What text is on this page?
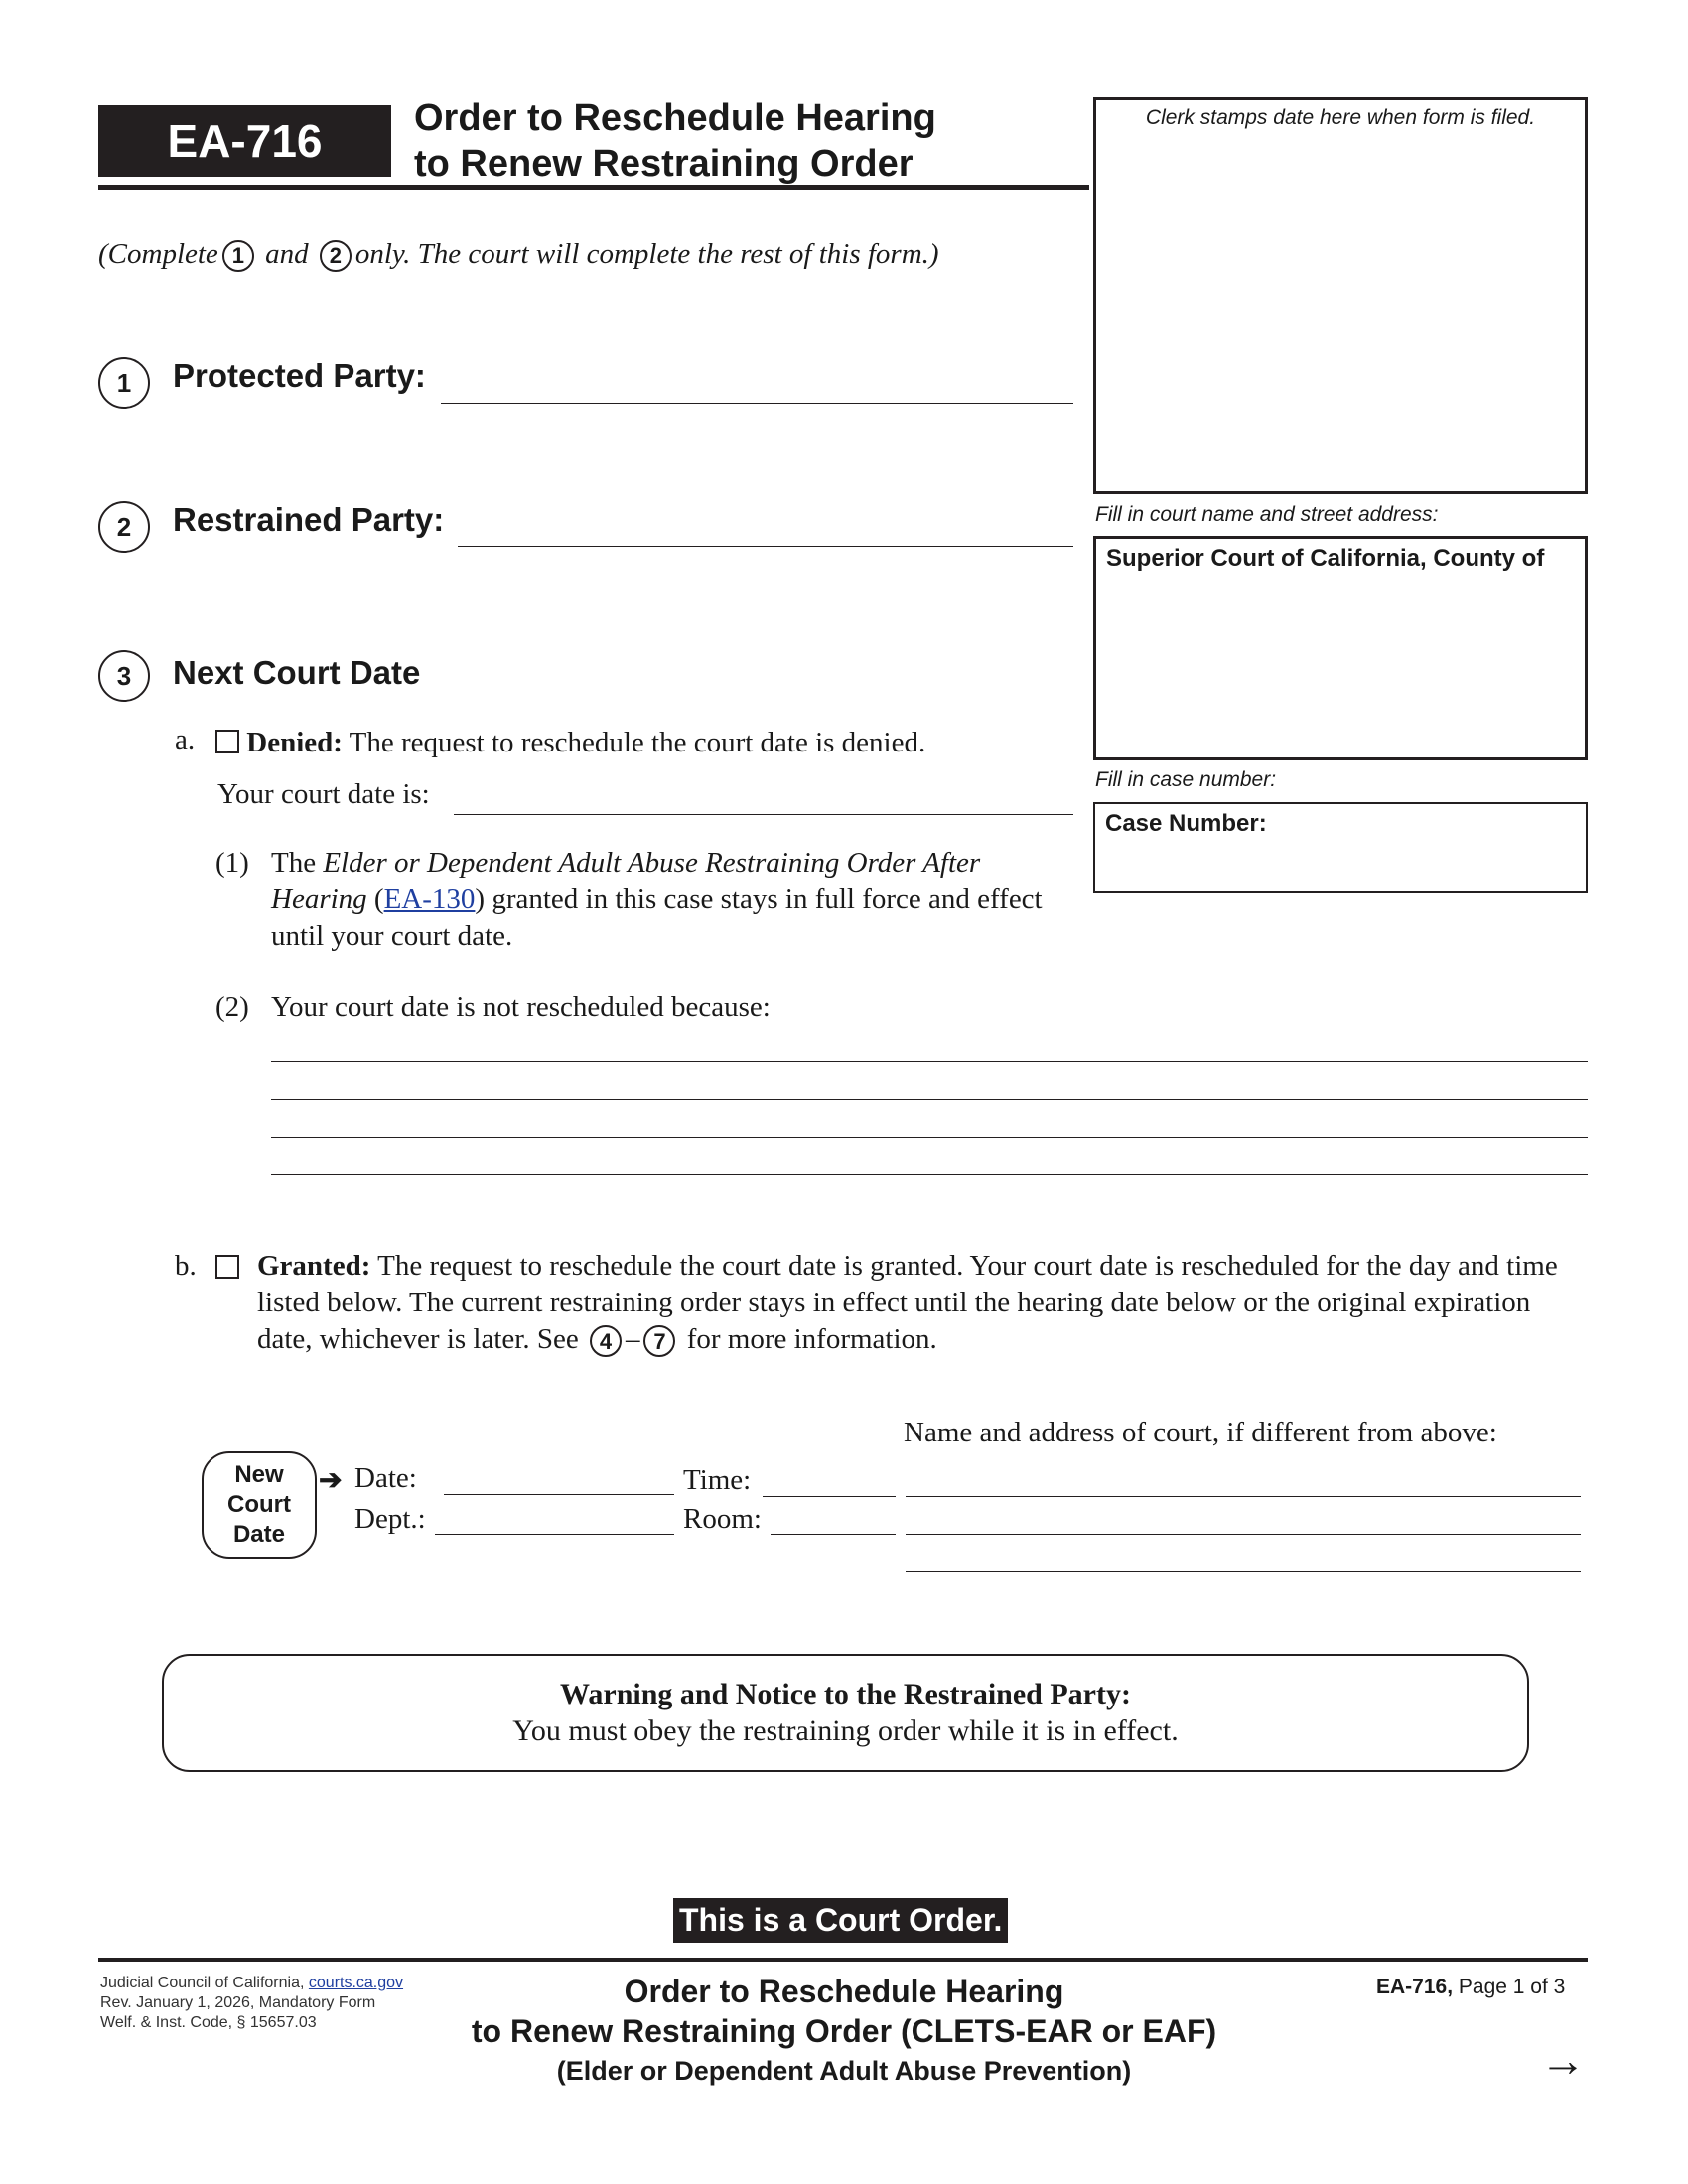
EA-716	Order to Reschedule Hearing
to Renew Restraining Order
(Complete 1 and 2 only. The court will complete the rest of this form.)
Clerk stamps date here when form is filed.
Fill in court name and street address:
Superior Court of California, County of
Fill in case number:
Case Number:
1	Protected Party:
2	Restrained Party:
3	Next Court Date
a.	Denied: The request to reschedule the court date is denied.
Your court date is:
(1) The Elder or Dependent Adult Abuse Restraining Order After Hearing (EA-130) granted in this case stays in full force and effect until your court date.
(2) Your court date is not rescheduled because:
b. Granted: The request to reschedule the court date is granted. Your court date is rescheduled for the day and time listed below. The current restraining order stays in effect until the hearing date below or the original expiration date, whichever is later. See 4 – 7 for more information.
Name and address of court, if different from above:
New
Court
Date
➔ Date:	Time:
Dept.:	Room:
Warning and Notice to the Restrained Party:
You must obey the restraining order while it is in effect.
This is a Court Order.
Judicial Council of California, courts.ca.gov
Rev. January 1, 2026, Mandatory Form
Welf. & Inst. Code, § 15657.03
Order to Reschedule Hearing
to Renew Restraining Order (CLETS-EAR or EAF)
(Elder or Dependent Adult Abuse Prevention)
EA-716, Page 1 of 3
→
